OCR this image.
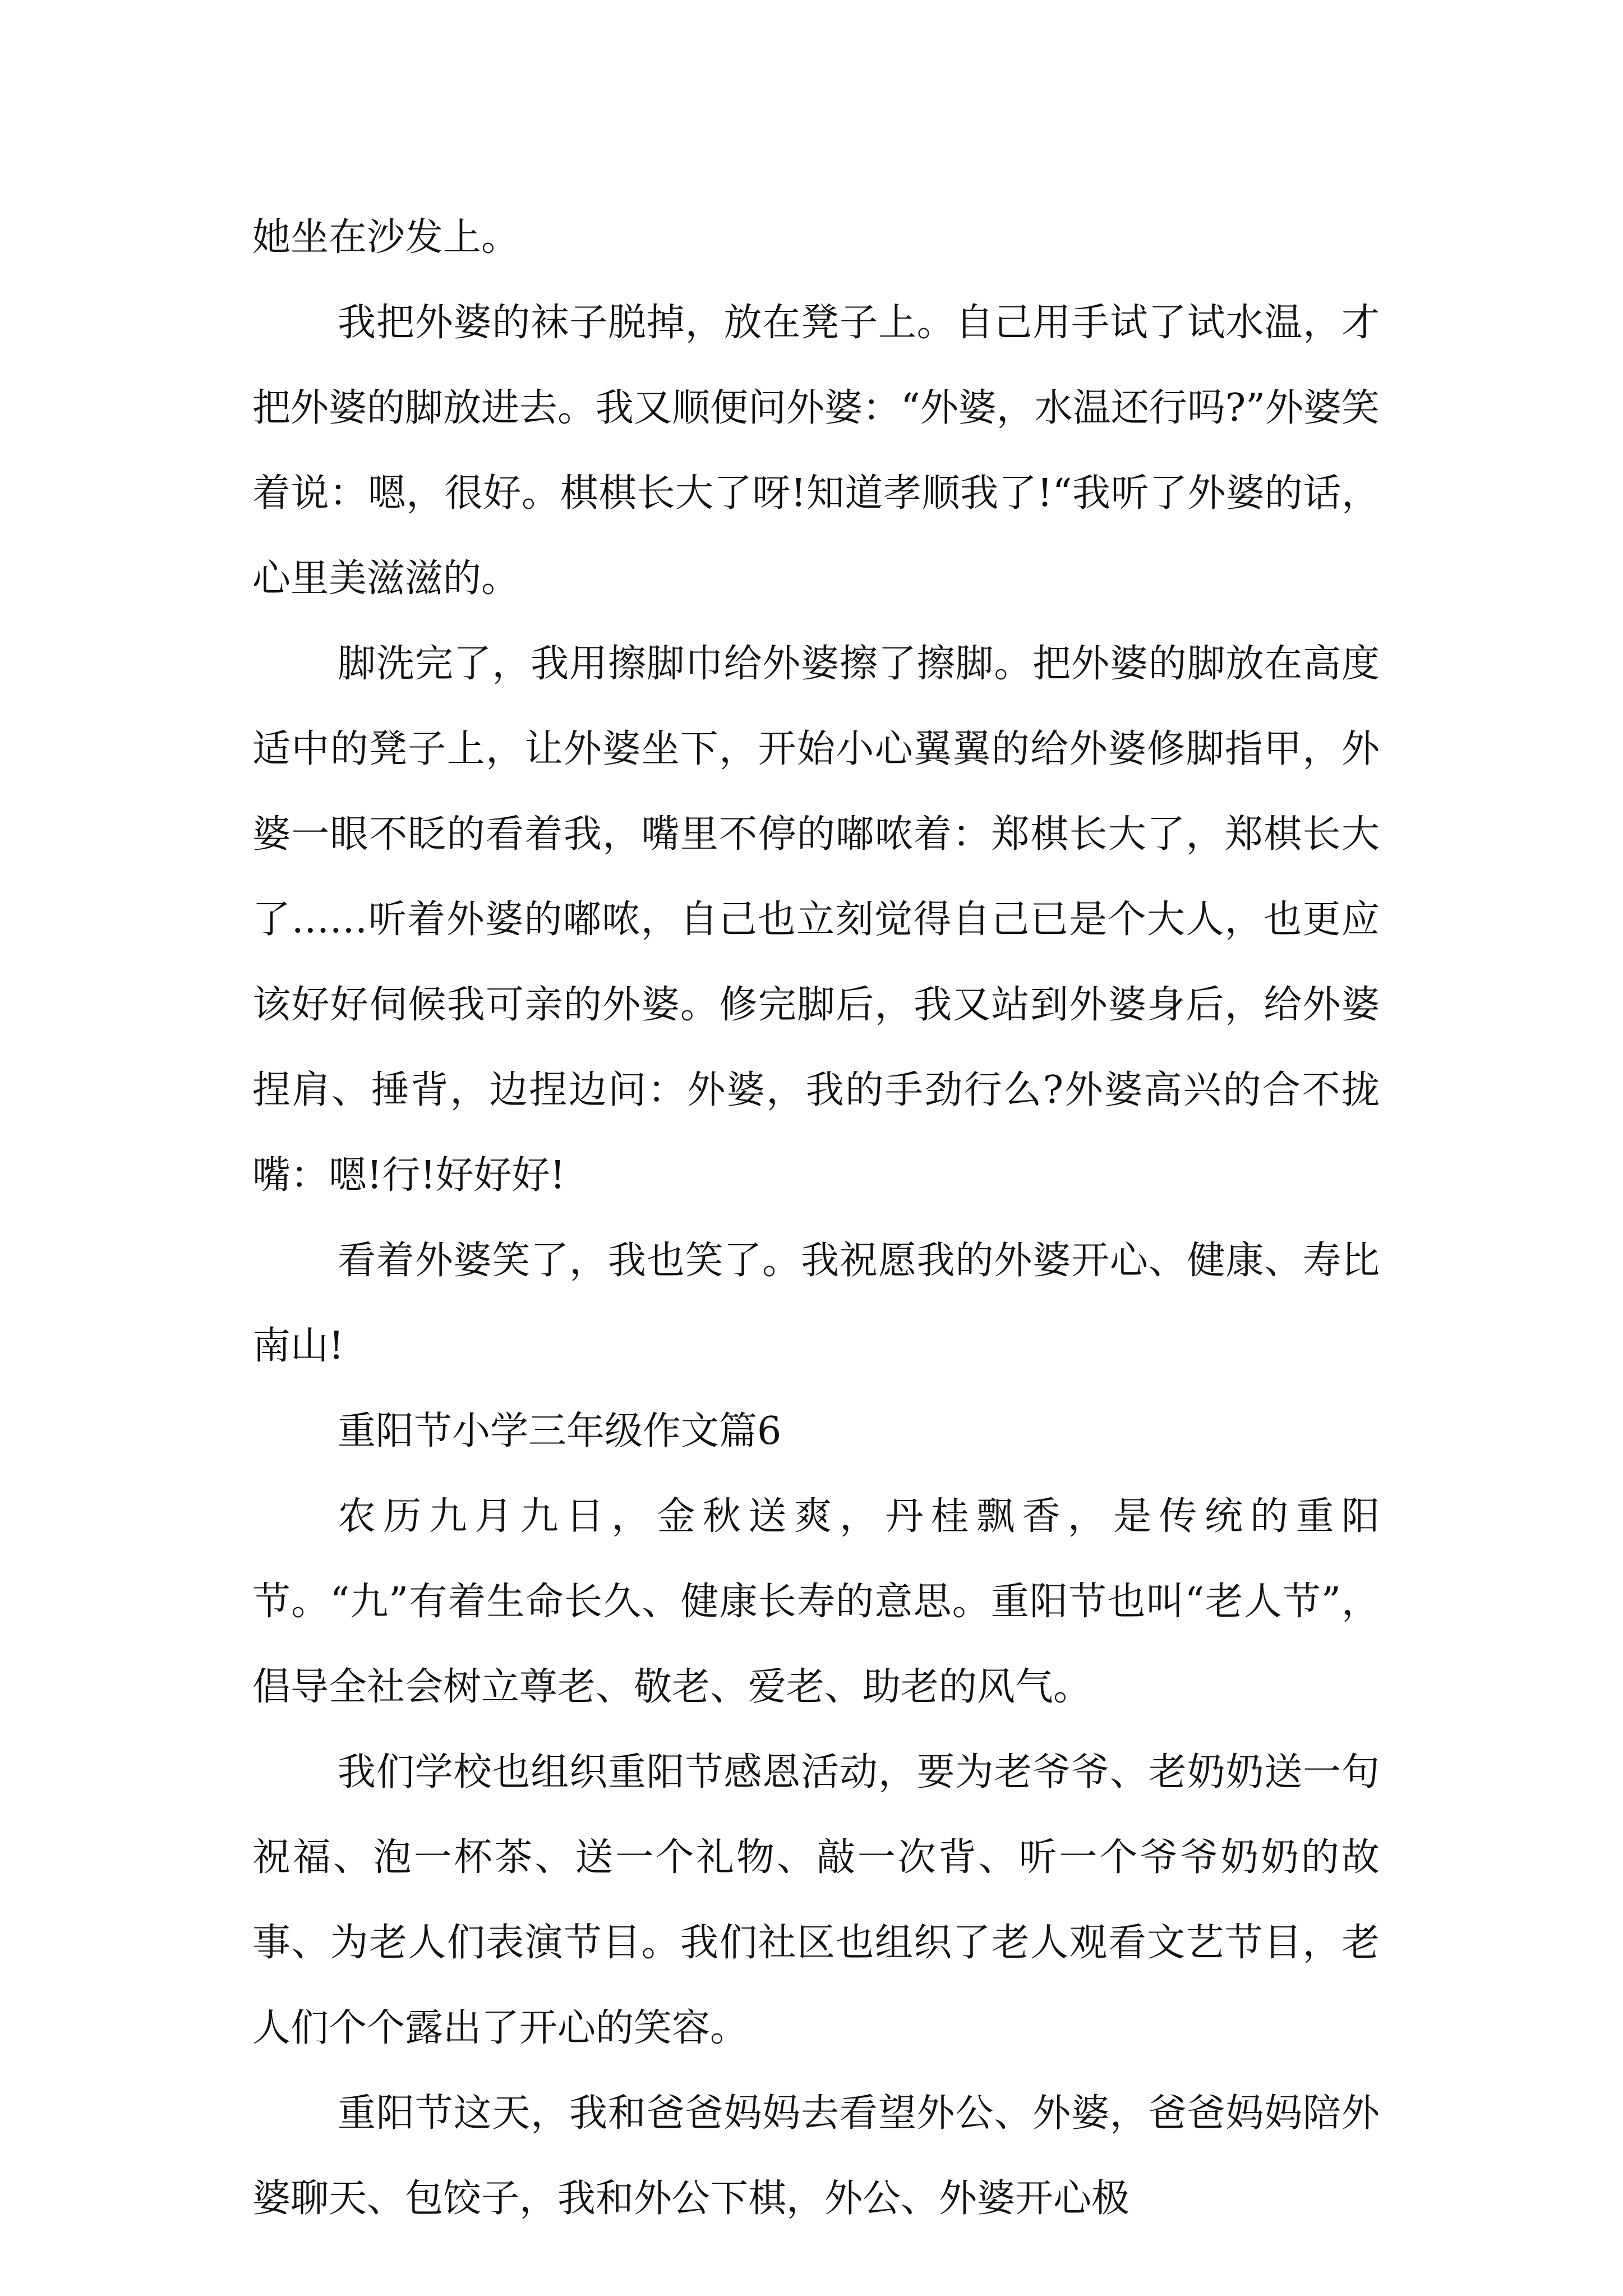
她坐在沙发上。

我把外婆的袜子脱掉，放在凳子上。自己用手试了试水温，才把外婆的脚放进去。我又顺便问外婆：“外婆，水温还行吗?”外婆笑着说：嗯，很好。棋棋长大了呀!知道孝顺我了!“我听了外婆的话，心里美滋滋的。

脚洗完了，我用擦脚巾给外婆擦了擦脚。把外婆的脚放在高度适中的凳子上，让外婆坐下，开始小心翼翼的给外婆修脚指甲，外婆一眼不眨的看着我，嘴里不停的嘟哝着：郑棋长大了，郑棋长大了……听着外婆的嘟哝，自己也立刻觉得自己已是个大人，也更应该好好伺候我可亲的外婆。修完脚后，我又站到外婆身后，给外婆捏肩、捶背，边捏边问：外婆，我的手劲行么?外婆高兴的合不拢嘴：嗯!行!好好好!

看着外婆笑了，我也笑了。我祝愿我的外婆开心、健康、寿比南山!

重阳节小学三年级作文篇6

农历九月九日，金秋送爽，丹桂飘香，是传统的重阳节。“九”有着生命长久、健康长寿的意思。重阳节也叫“老人节”，倡导全社会树立尊老、敬老、爱老、助老的风气。

我们学校也组织重阳节感恩活动，要为老爷爷、老奶奶送一句祝福、泡一杯茶、送一个礼物、敲一次背、听一个爷爷奶奶的故事、为老人们表演节目。我们社区也组织了老人观看文艺节目，老人们个个露出了开心的笑容。

重阳节这天，我和爸爸妈妈去看望外公、外婆，爸爸妈妈陪外婆聊天、包饺子，我和外公下棋，外公、外婆开心极
